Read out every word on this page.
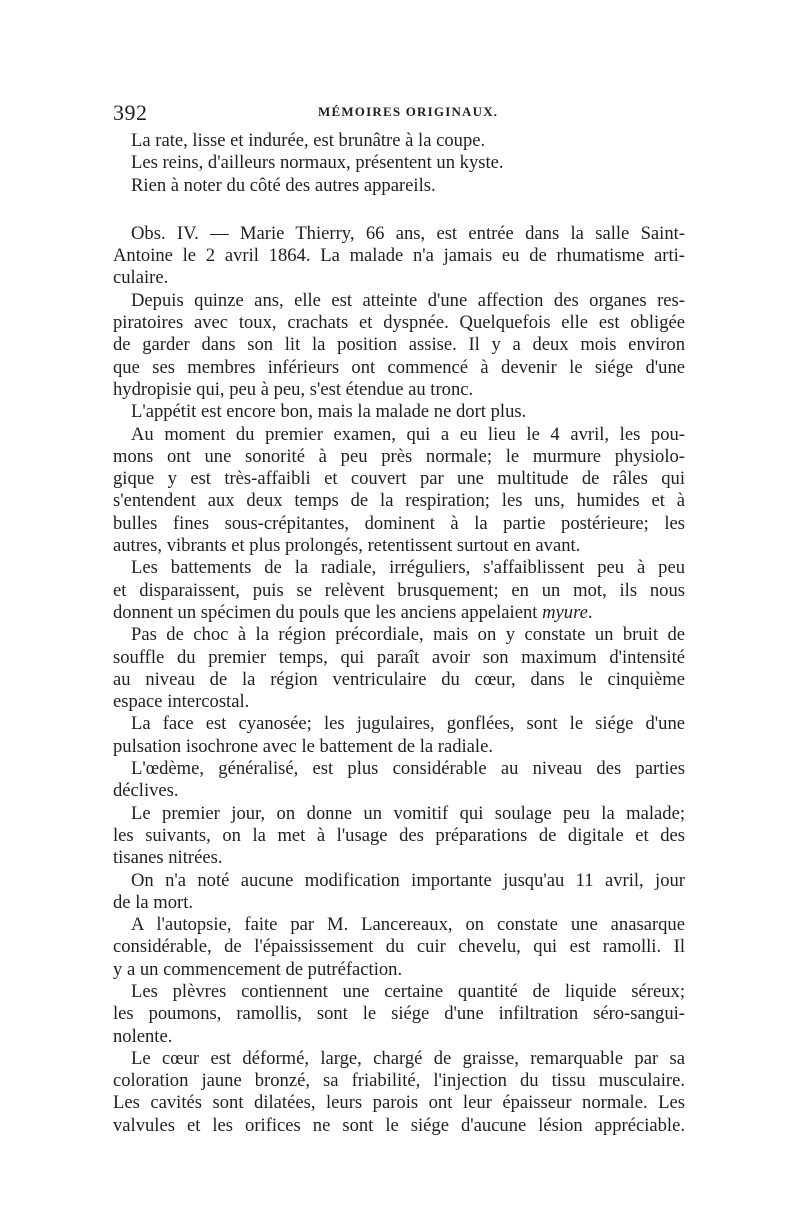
392	MÉMOIRES ORIGINAUX.
La rate, lisse et indurée, est brunâtre à la coupe.
Les reins, d'ailleurs normaux, présentent un kyste.
Rien à noter du côté des autres appareils.
Obs. IV. — Marie Thierry, 66 ans, est entrée dans la salle Saint-
Antoine le 2 avril 1864. La malade n'a jamais eu de rhumatisme arti-
culaire.
Depuis quinze ans, elle est atteinte d'une affection des organes res-
piratoires avec toux, crachats et dyspnée. Quelquefois elle est obligée
de garder dans son lit la position assise. Il y a deux mois environ
que ses membres inférieurs ont commencé à devenir le siége d'une
hydropisie qui, peu à peu, s'est étendue au tronc.
L'appétit est encore bon, mais la malade ne dort plus.
Au moment du premier examen, qui a eu lieu le 4 avril, les pou-
mons ont une sonorité à peu près normale; le murmure physiolo-
gique y est très-affaibli et couvert par une multitude de râles qui
s'entendent aux deux temps de la respiration; les uns, humides et à
bulles fines sous-crépitantes, dominent à la partie postérieure; les
autres, vibrants et plus prolongés, retentissent surtout en avant.
Les battements de la radiale, irréguliers, s'affaiblissent peu à peu
et disparaissent, puis se relèvent brusquement; en un mot, ils nous
donnent un spécimen du pouls que les anciens appelaient myure.
Pas de choc à la région précordiale, mais on y constate un bruit de
souffle du premier temps, qui paraît avoir son maximum d'intensité
au niveau de la région ventriculaire du cœur, dans le cinquième
espace intercostal.
La face est cyanosée; les jugulaires, gonflées, sont le siége d'une
pulsation isochrone avec le battement de la radiale.
L'œdème, généralisé, est plus considérable au niveau des parties
déclives.
Le premier jour, on donne un vomitif qui soulage peu la malade;
les suivants, on la met à l'usage des préparations de digitale et des
tisanes nitrées.
On n'a noté aucune modification importante jusqu'au 11 avril, jour
de la mort.
A l'autopsie, faite par M. Lancereaux, on constate une anasarque
considérable, de l'épaississement du cuir chevelu, qui est ramolli. Il
y a un commencement de putréfaction.
Les plèvres contiennent une certaine quantité de liquide séreux;
les poumons, ramollis, sont le siége d'une infiltration séro-sangui-
nolente.
Le cœur est déformé, large, chargé de graisse, remarquable par sa
coloration jaune bronzé, sa friabilité, l'injection du tissu musculaire.
Les cavités sont dilatées, leurs parois ont leur épaisseur normale. Les
valvules et les orifices ne sont le siége d'aucune lésion appréciable.
